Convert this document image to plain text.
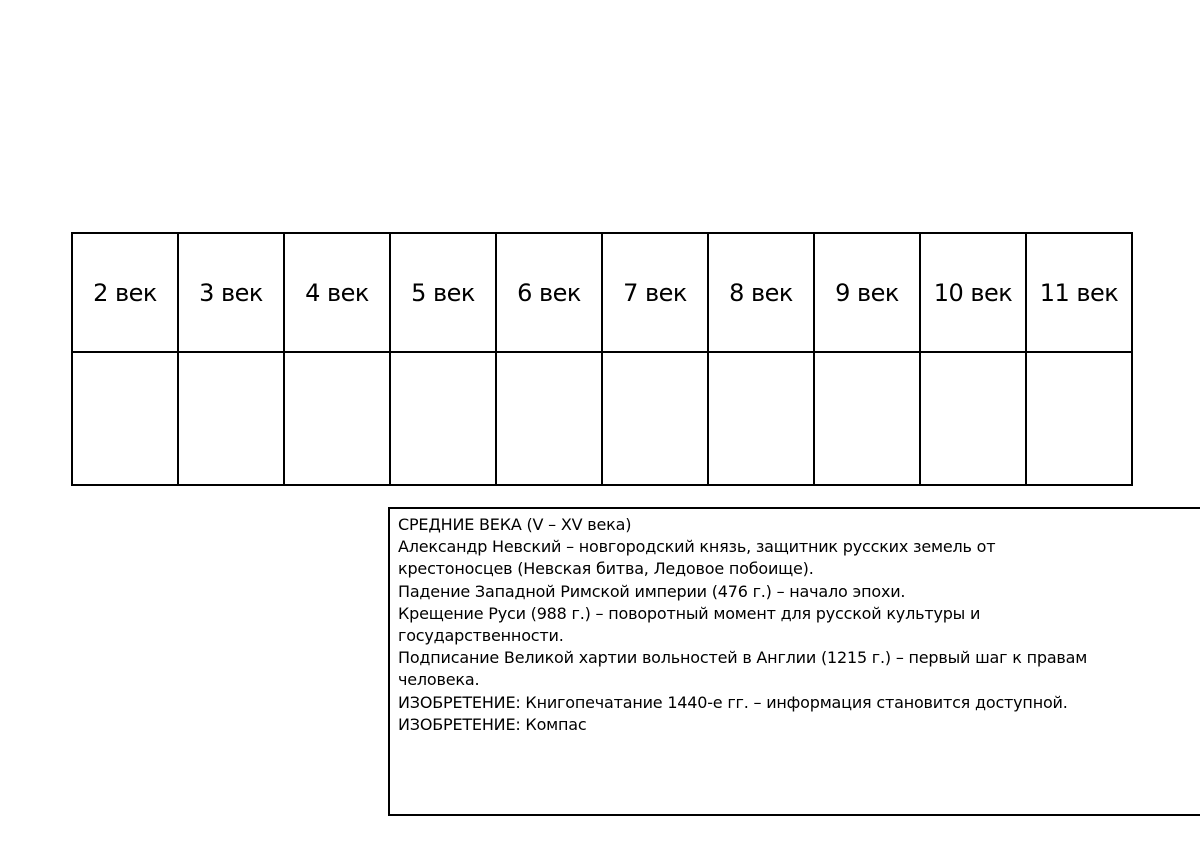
2 век	3 век	4 век	5 век	6 век	7 век	8 век	9 век	10 век	11 век

СРЕДНИЕ ВЕКА (V – XV века)
Александр Невский – новгородский князь, защитник русских земель от
крестоносцев (Невская битва, Ледовое побоище).
Падение Западной Римской империи (476 г.) – начало эпохи.
Крещение Руси (988 г.) – поворотный момент для русской культуры и
государственности.
Подписание Великой хартии вольностей в Англии (1215 г.) – первый шаг к правам
человека.
ИЗОБРЕТЕНИЕ: Книгопечатание 1440-е гг. – информация становится доступной.
ИЗОБРЕТЕНИЕ: Компас
